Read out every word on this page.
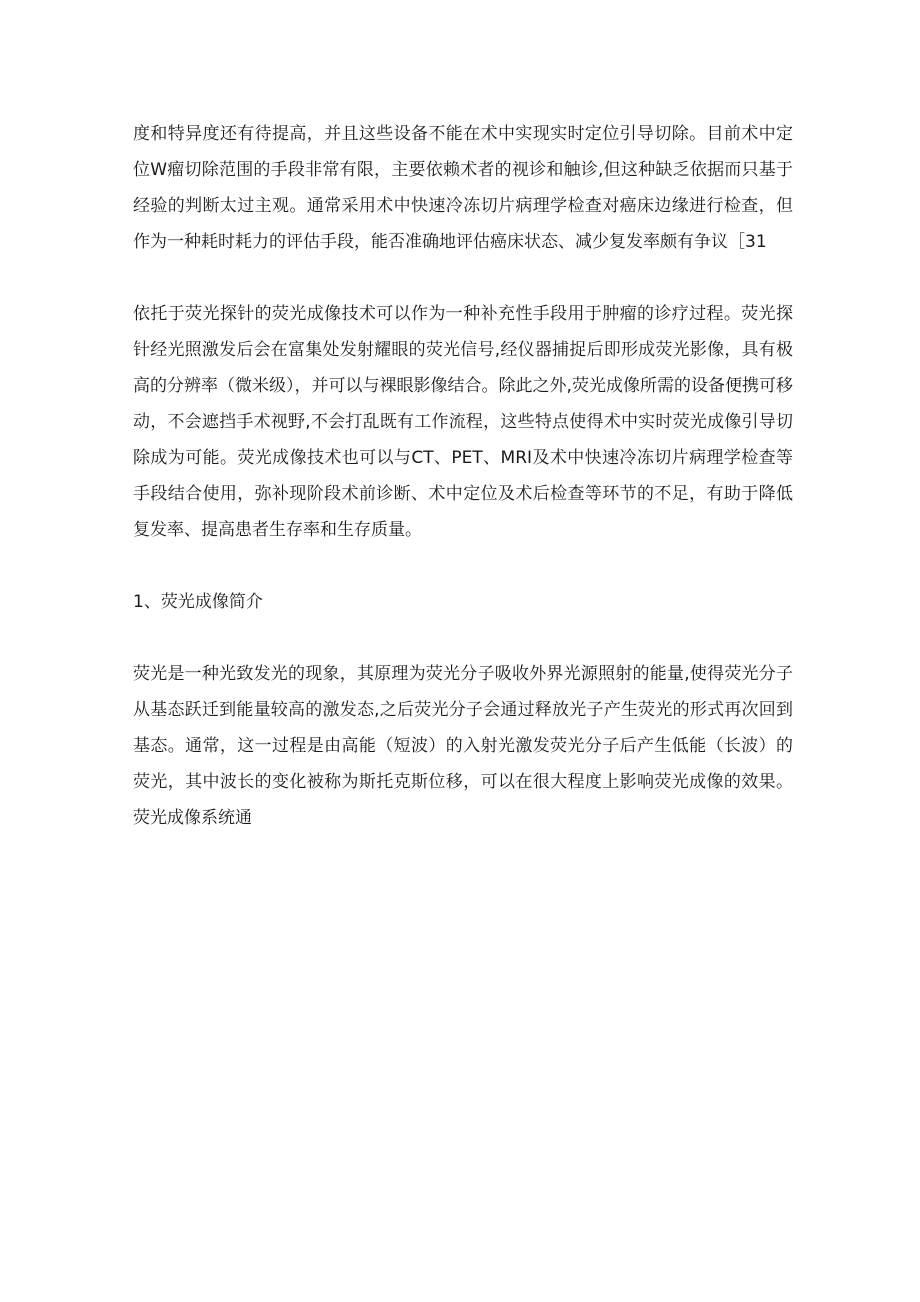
度和特异度还有待提高，并且这些设备不能在术中实现实时定位引导切除。目前术中定位W瘤切除范围的手段非常有限，主要依赖术者的视诊和触诊,但这种缺乏依据而只基于经验的判断太过主观。通常采用术中快速冷冻切片病理学检查对癌床边缘进行检查，但作为一种耗时耗力的评估手段，能否准确地评估癌床状态、减少复发率颇有争议［31

依托于荧光探针的荧光成像技术可以作为一种补充性手段用于肿瘤的诊疗过程。荧光探针经光照激发后会在富集处发射耀眼的荧光信号,经仪器捕捉后即形成荧光影像，具有极高的分辨率（微米级），并可以与裸眼影像结合。除此之外,荧光成像所需的设备便携可移动，不会遮挡手术视野,不会打乱既有工作流程，这些特点使得术中实时荧光成像引导切除成为可能。荧光成像技术也可以与CT、PET、MRI及术中快速冷冻切片病理学检查等手段结合使用，弥补现阶段术前诊断、术中定位及术后检查等环节的不足，有助于降低复发率、提高患者生存率和生存质量。

1、荧光成像简介

荧光是一种光致发光的现象，其原理为荧光分子吸收外界光源照射的能量,使得荧光分子从基态跃迁到能量较高的激发态,之后荧光分子会通过释放光子产生荧光的形式再次回到基态。通常，这一过程是由高能（短波）的入射光激发荧光分子后产生低能（长波）的荧光，其中波长的变化被称为斯托克斯位移，可以在很大程度上影响荧光成像的效果。荧光成像系统通
